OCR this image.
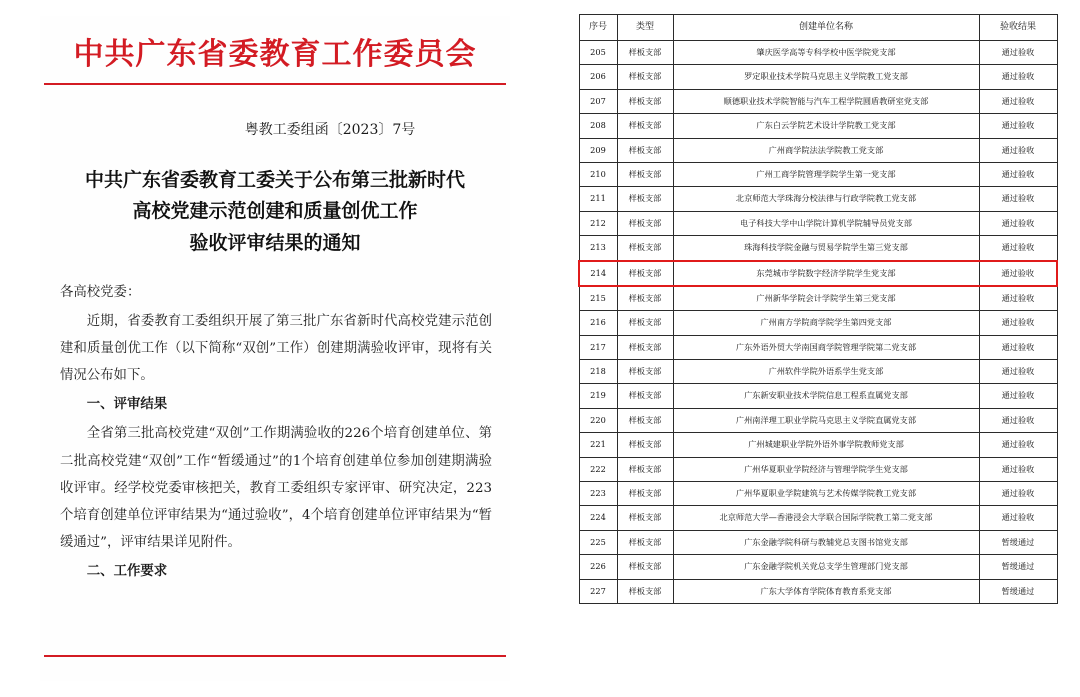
中共广东省委教育工作委员会
粤教工委组函〔2023〕7号
中共广东省委教育工委关于公布第三批新时代
高校党建示范创建和质量创优工作
验收评审结果的通知

各高校党委：

近期，省委教育工委组织开展了第三批广东省新时代高校党建示范创建和质量创优工作（以下简称“双创”工作）创建期满验收评审，现将有关情况公布如下。

一、评审结果

全省第三批高校党建“双创”工作期满验收的226个培育创建单位、第二批高校党建“双创”工作“暂缓通过”的1个培育创建单位参加创建期满验收评审。经学校党委审核把关，教育工委组织专家评审、研究决定，223个培育创建单位评审结果为“通过验收”，4个培育创建单位评审结果为“暂缓通过”，评审结果详见附件。

二、工作要求

序号	类型	创建单位名称	验收结果
205	样板支部	肇庆医学高等专科学校中医学院党支部	通过验收
206	样板支部	罗定职业技术学院马克思主义学院教工党支部	通过验收
207	样板支部	顺德职业技术学院智能与汽车工程学院圆盾教研室党支部	通过验收
208	样板支部	广东白云学院艺术设计学院教工党支部	通过验收
209	样板支部	广州商学院法法学院教工党支部	通过验收
210	样板支部	广州工商学院管理学院学生第一党支部	通过验收
211	样板支部	北京师范大学珠海分校法律与行政学院教工党支部	通过验收
212	样板支部	电子科技大学中山学院计算机学院辅导员党支部	通过验收
213	样板支部	珠海科技学院金融与贸易学院学生第三党支部	通过验收
214	样板支部	东莞城市学院数字经济学院学生党支部	通过验收
215	样板支部	广州新华学院会计学院学生第三党支部	通过验收
216	样板支部	广州南方学院商学院学生第四党支部	通过验收
217	样板支部	广东外语外贸大学南国商学院管理学院第二党支部	通过验收
218	样板支部	广州软件学院外语系学生党支部	通过验收
219	样板支部	广东新安职业技术学院信息工程系直属党支部	通过验收
220	样板支部	广州南洋理工职业学院马克思主义学院直属党支部	通过验收
221	样板支部	广州城建职业学院外语外事学院教师党支部	通过验收
222	样板支部	广州华夏职业学院经济与管理学院学生党支部	通过验收
223	样板支部	广州华夏职业学院建筑与艺术传媒学院教工党支部	通过验收
224	样板支部	北京师范大学—香港浸会大学联合国际学院教工第二党支部	通过验收
225	样板支部	广东金融学院科研与教辅党总支图书馆党支部	暂缓通过
226	样板支部	广东金融学院机关党总支学生管理部门党支部	暂缓通过
227	样板支部	广东大学体育学院体育教育系党支部	暂缓通过
